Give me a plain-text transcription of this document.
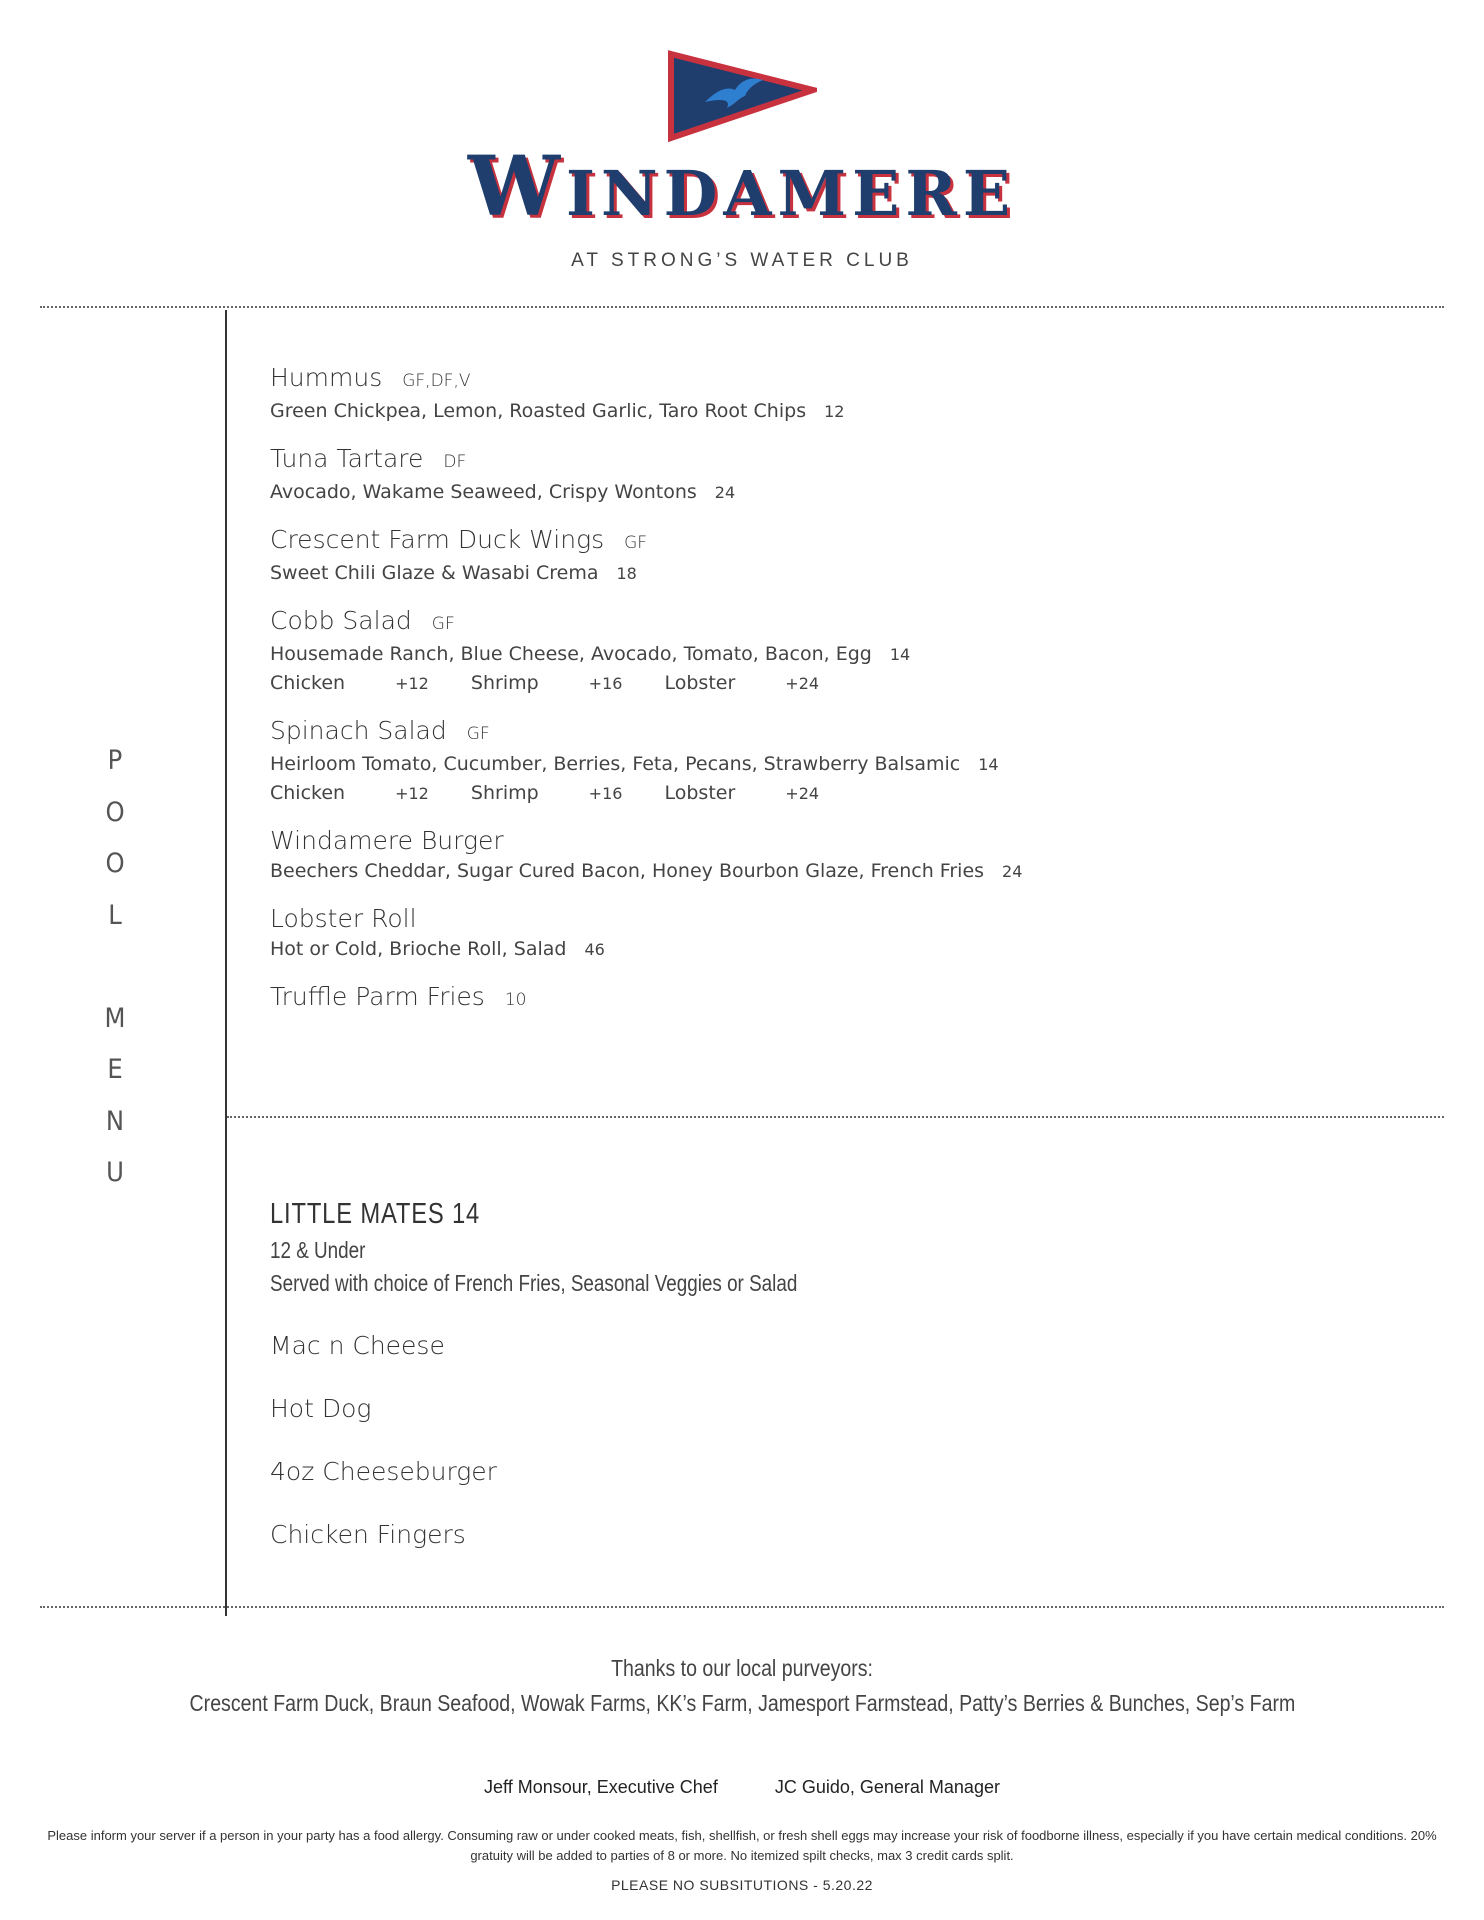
WINDAMERE
AT STRONG’S WATER CLUB
P
O
O
L

M
E
N
U
Hummus GF,DF,V
Green Chickpea, Lemon, Roasted Garlic, Taro Root Chips 12
Tuna Tartare DF
Avocado, Wakame Seaweed, Crispy Wontons 24
Crescent Farm Duck Wings GF
Sweet Chili Glaze & Wasabi Crema 18
Cobb Salad GF
Housemade Ranch, Blue Cheese, Avocado, Tomato, Bacon, Egg 14
Chicken	+12 Shrimp	+16 Lobster	+24
Spinach Salad GF
Heirloom Tomato, Cucumber, Berries, Feta, Pecans, Strawberry Balsamic 14
Chicken	+12 Shrimp	+16 Lobster	+24
Windamere Burger
Beechers Cheddar, Sugar Cured Bacon, Honey Bourbon Glaze, French Fries 24
Lobster Roll
Hot or Cold, Brioche Roll, Salad 46
Truffle Parm Fries 10
LITTLE MATES 14
12 & Under
Served with choice of French Fries, Seasonal Veggies or Salad
Mac n Cheese
Hot Dog
4oz Cheeseburger
Chicken Fingers
Thanks to our local purveyors:
Crescent Farm Duck, Braun Seafood, Wowak Farms, KK’s Farm, Jamesport Farmstead, Patty’s Berries & Bunches, Sep’s Farm
Jeff Monsour, Executive Chef	JC Guido, General Manager
Please inform your server if a person in your party has a food allergy. Consuming raw or under cooked meats, fish, shellfish, or fresh shell eggs may increase your risk of foodborne illness, especially if you have certain medical conditions. 20% gratuity will be added to parties of 8 or more. No itemized spilt checks, max 3 credit cards split.
PLEASE NO SUBSITUTIONS - 5.20.22
